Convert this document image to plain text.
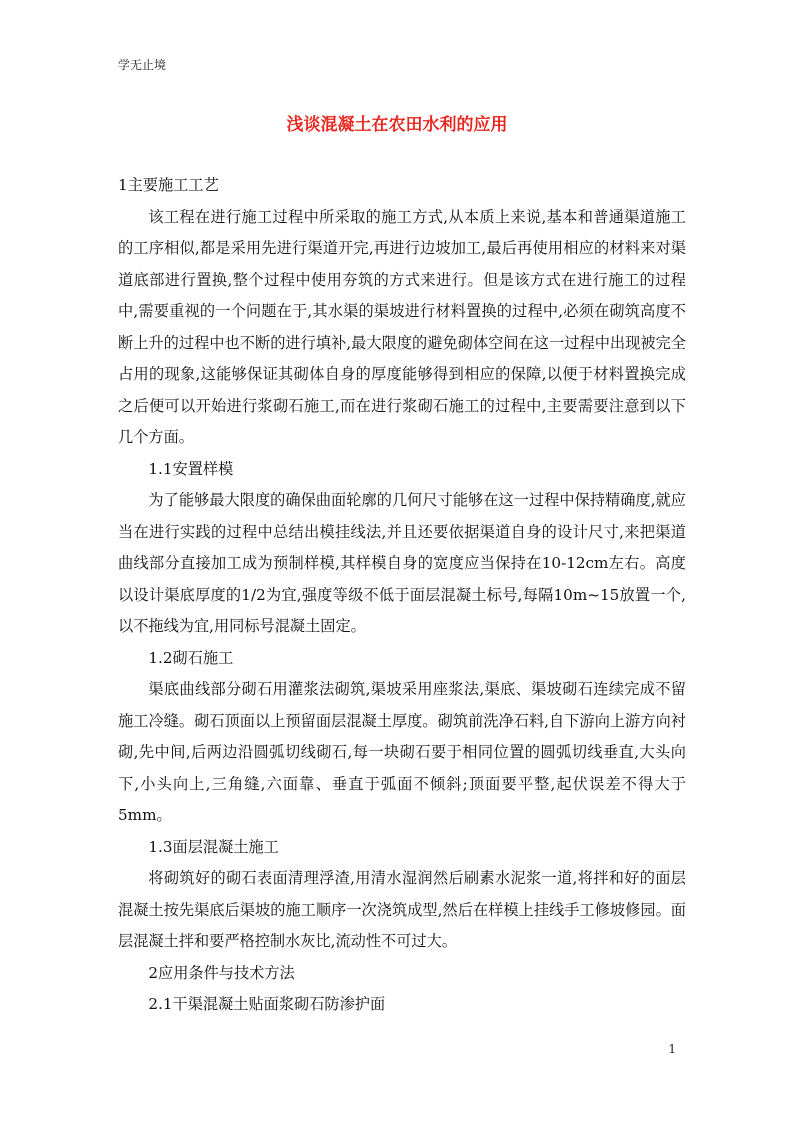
学无止境
浅谈混凝土在农田水利的应用

1主要施工工艺

该工程在进行施工过程中所采取的施工方式,从本质上来说,基本和普通渠道施工的工序相似,都是采用先进行渠道开完,再进行边坡加工,最后再使用相应的材料来对渠道底部进行置换,整个过程中使用夯筑的方式来进行。但是该方式在进行施工的过程中,需要重视的一个问题在于,其水渠的渠坡进行材料置换的过程中,必须在砌筑高度不断上升的过程中也不断的进行填补,最大限度的避免砌体空间在这一过程中出现被完全占用的现象,这能够保证其砌体自身的厚度能够得到相应的保障,以便于材料置换完成之后便可以开始进行浆砌石施工,而在进行浆砌石施工的过程中,主要需要注意到以下几个方面。

1.1安置样模

为了能够最大限度的确保曲面轮廓的几何尺寸能够在这一过程中保持精确度,就应当在进行实践的过程中总结出模挂线法,并且还要依据渠道自身的设计尺寸,来把渠道曲线部分直接加工成为预制样模,其样模自身的宽度应当保持在10-12cm左右。高度以设计渠底厚度的1/2为宜,强度等级不低于面层混凝土标号,每隔10m~15放置一个,以不拖线为宜,用同标号混凝土固定。

1.2砌石施工

渠底曲线部分砌石用灌浆法砌筑,渠坡采用座浆法,渠底、渠坡砌石连续完成不留施工冷缝。砌石顶面以上预留面层混凝土厚度。砌筑前洗净石料,自下游向上游方向衬砌,先中间,后两边沿圆弧切线砌石,每一块砌石要于相同位置的圆弧切线垂直,大头向下,小头向上,三角缝,六面靠、垂直于弧面不倾斜;顶面要平整,起伏误差不得大于5mm。

1.3面层混凝土施工

将砌筑好的砌石表面清理浮渣,用清水湿润然后刷素水泥浆一道,将拌和好的面层混凝土按先渠底后渠坡的施工顺序一次浇筑成型,然后在样模上挂线手工修坡修园。面层混凝土拌和要严格控制水灰比,流动性不可过大。

2应用条件与技术方法

2.1干渠混凝土贴面浆砌石防渗护面

1
